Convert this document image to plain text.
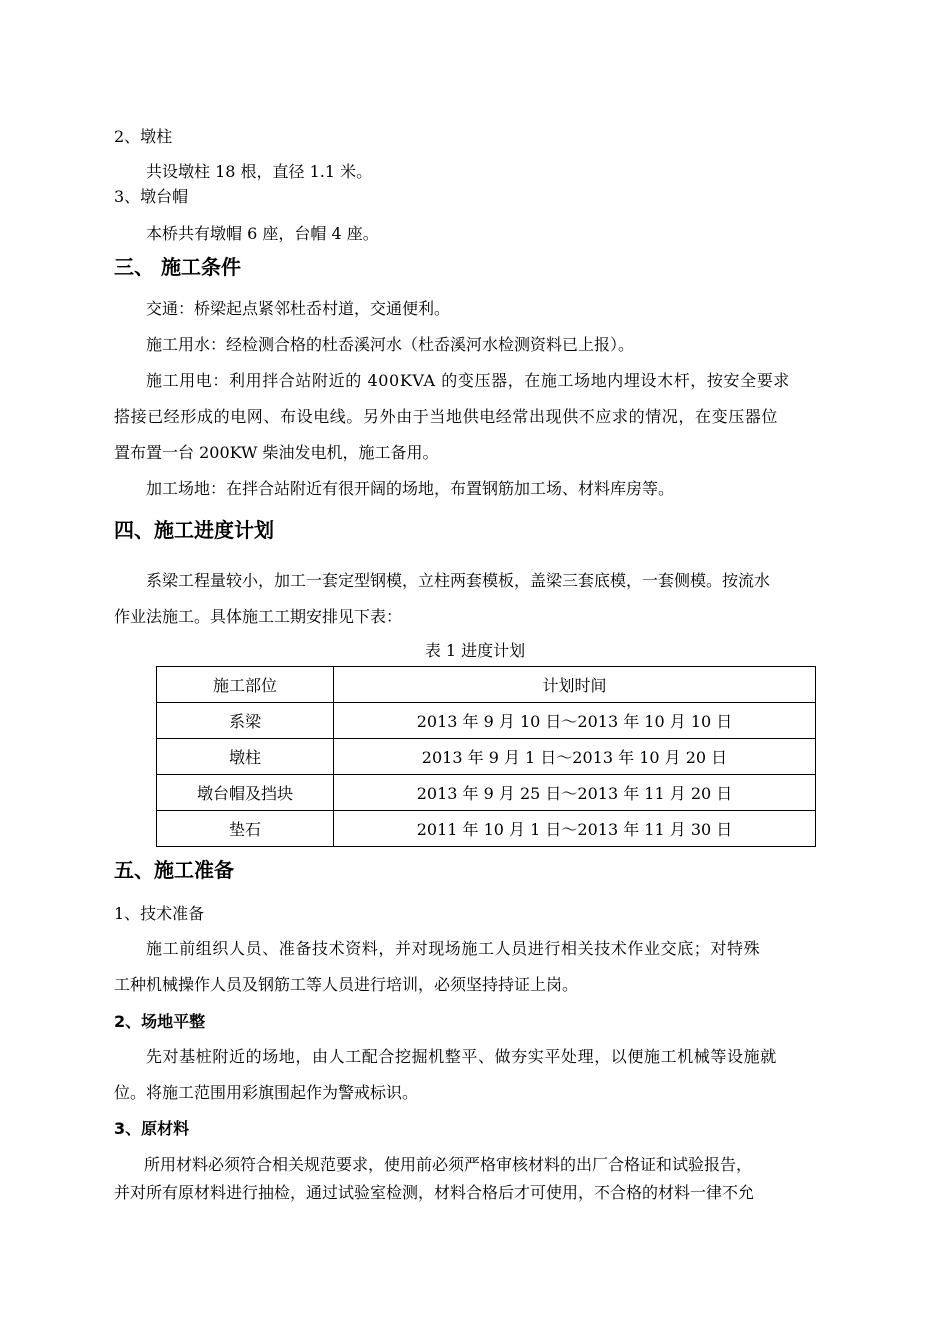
2、墩柱
共设墩柱 18 根，直径 1.1 米。
3、墩台帽
本桥共有墩帽 6 座，台帽 4 座。
三、 施工条件
交通：桥梁起点紧邻杜岙村道，交通便利。
施工用水：经检测合格的杜岙溪河水（杜岙溪河水检测资料已上报）。
施工用电：利用拌合站附近的 400KVA 的变压器，在施工场地内埋设木杆，按安全要求
搭接已经形成的电网、布设电线。另外由于当地供电经常出现供不应求的情况，在变压器位
置布置一台 200KW 柴油发电机，施工备用。
加工场地：在拌合站附近有很开阔的场地，布置钢筋加工场、材料库房等。
四、施工进度计划
系梁工程量较小，加工一套定型钢模，立柱两套模板，盖梁三套底模，一套侧模。按流水
作业法施工。具体施工工期安排见下表：
表 1 进度计划
施工部位	计划时间
系梁	2013 年 9 月 10 日～2013 年 10 月 10 日
墩柱	2013 年 9 月 1 日～2013 年 10 月 20 日
墩台帽及挡块	2013 年 9 月 25 日～2013 年 11 月 20 日
垫石	2011 年 10 月 1 日～2013 年 11 月 30 日
五、施工准备
1、技术准备
施工前组织人员、准备技术资料，并对现场施工人员进行相关技术作业交底；对特殊
工种机械操作人员及钢筋工等人员进行培训，必须坚持持证上岗。
2、场地平整
先对基桩附近的场地，由人工配合挖掘机整平、做夯实平处理，以便施工机械等设施就
位。将施工范围用彩旗围起作为警戒标识。
3、原材料
所用材料必须符合相关规范要求，使用前必须严格审核材料的出厂合格证和试验报告，
并对所有原材料进行抽检，通过试验室检测，材料合格后才可使用，不合格的材料一律不允
